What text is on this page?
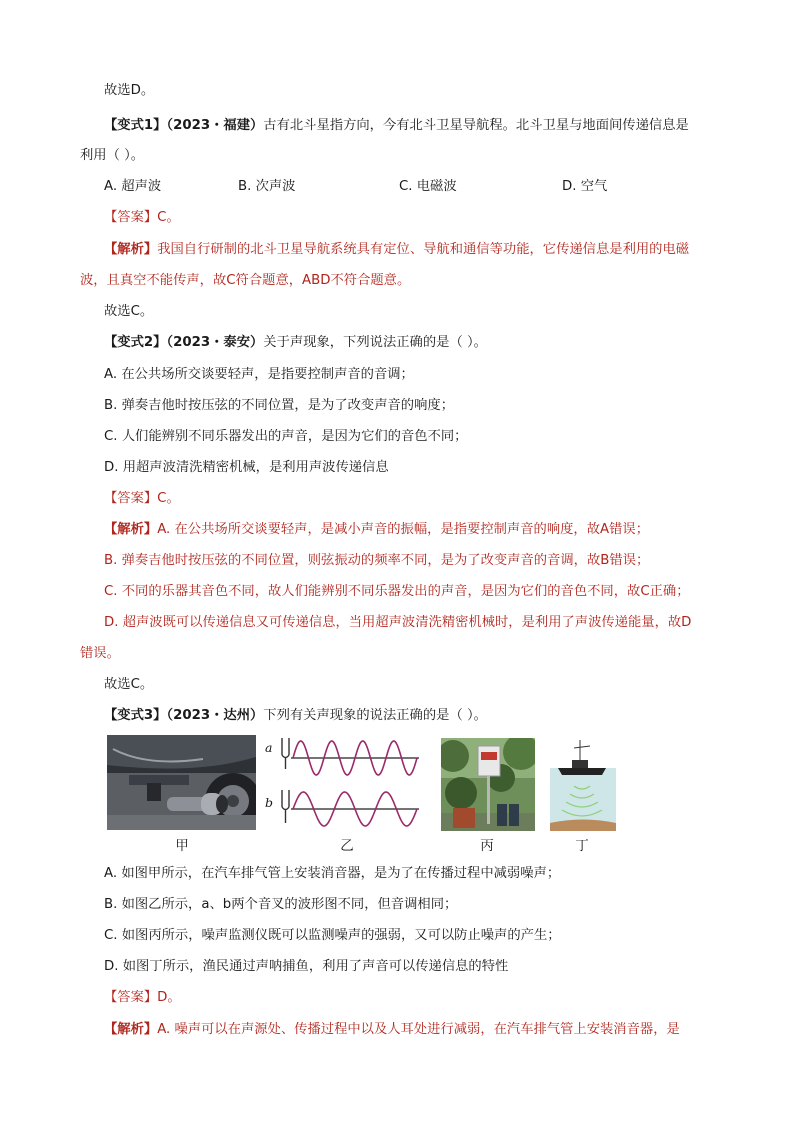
故选D。
【变式1】（2023・福建）古有北斗星指方向，今有北斗卫星导航程。北斗卫星与地面间传递信息是
利用（ ）。
A. 超声波	B. 次声波	C. 电磁波	D. 空气
【答案】C。
【解析】我国自行研制的北斗卫星导航系统具有定位、导航和通信等功能，它传递信息是利用的电磁
波，且真空不能传声，故C符合题意，ABD不符合题意。
故选C。
【变式2】（2023・泰安）关于声现象，下列说法正确的是（ ）。
A. 在公共场所交谈要轻声，是指要控制声音的音调；
B. 弹奏吉他时按压弦的不同位置，是为了改变声音的响度；
C. 人们能辨别不同乐器发出的声音，是因为它们的音色不同；
D. 用超声波清洗精密机械，是利用声波传递信息
【答案】C。
【解析】A. 在公共场所交谈要轻声，是减小声音的振幅，是指要控制声音的响度，故A错误；
B. 弹奏吉他时按压弦的不同位置，则弦振动的频率不同，是为了改变声音的音调，故B错误；
C. 不同的乐器其音色不同，故人们能辨别不同乐器发出的声音，是因为它们的音色不同，故C正确；
D. 超声波既可以传递信息又可传递信息，当用超声波清洗精密机械时，是利用了声波传递能量，故D
错误。
故选C。
【变式3】（2023・达州）下列有关声现象的说法正确的是（ ）。
a
b
甲	乙	丙	丁
A. 如图甲所示，在汽车排气管上安装消音器，是为了在传播过程中减弱噪声；
B. 如图乙所示，a、b两个音叉的波形图不同，但音调相同；
C. 如图丙所示，噪声监测仪既可以监测噪声的强弱，又可以防止噪声的产生；
D. 如图丁所示，渔民通过声呐捕鱼，利用了声音可以传递信息的特性
【答案】D。
【解析】A. 噪声可以在声源处、传播过程中以及人耳处进行减弱，在汽车排气管上安装消音器，是
